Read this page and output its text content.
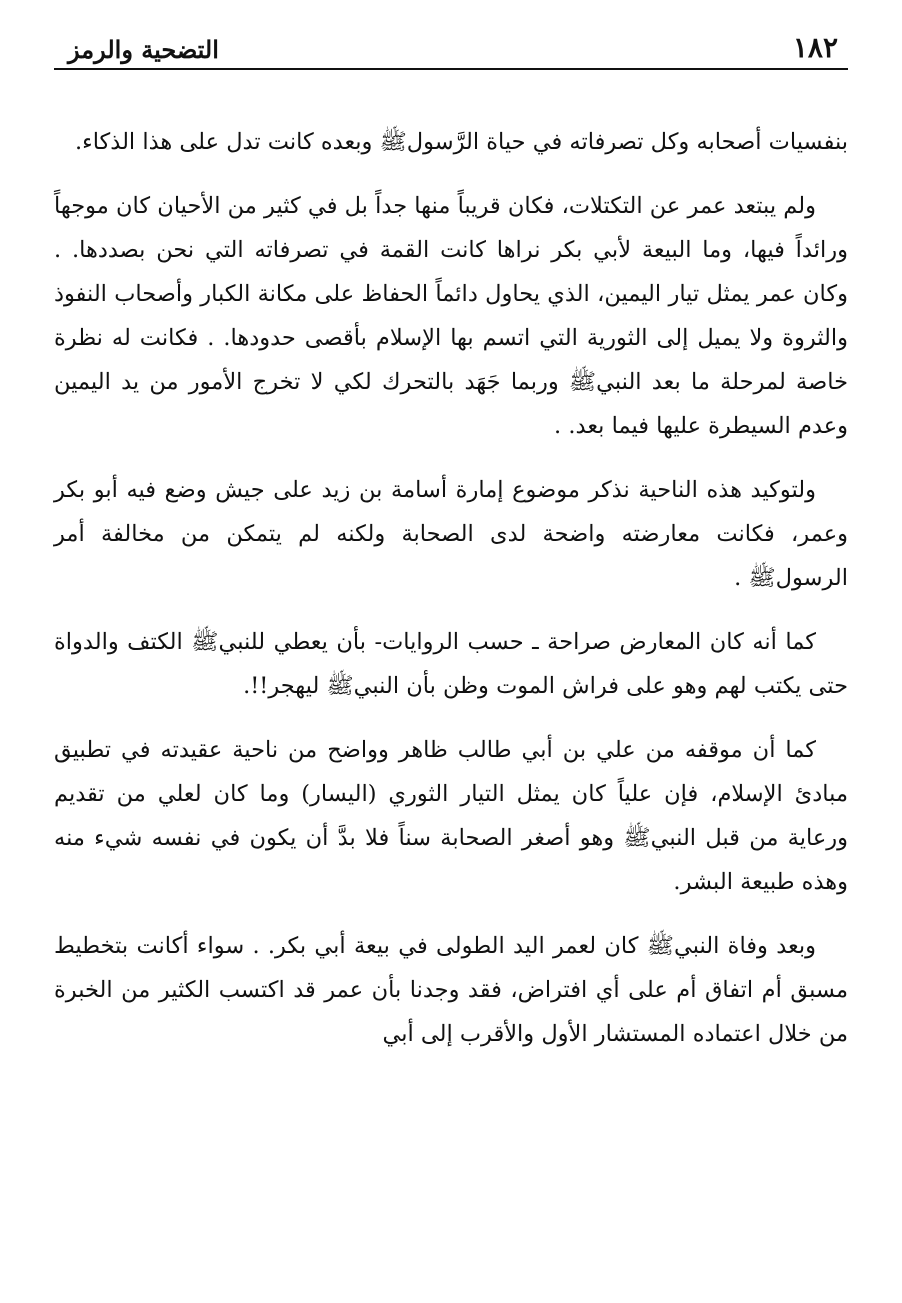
١٨٢
التضحية والرمز

بنفسيات أصحابه وكل تصرفاته في حياة الرَّسولﷺ وبعده كانت تدل على هذا الذكاء.

ولم يبتعد عمر عن التكتلات، فكان قريباً منها جداً بل في كثير من الأحيان كان موجهاً ورائداً فيها، وما البيعة لأبي بكر نراها كانت القمة في تصرفاته التي نحن بصددها. . وكان عمر يمثل تيار اليمين، الذي يحاول دائماً الحفاظ على مكانة الكبار وأصحاب النفوذ والثروة ولا يميل إلى الثورية التي اتسم بها الإسلام بأقصى حدودها. . فكانت له نظرة خاصة لمرحلة ما بعد النبيﷺ وربما جَهَد بالتحرك لكي لا تخرج الأمور من يد اليمين وعدم السيطرة عليها فيما بعد. .

ولتوكيد هذه الناحية نذكر موضوع إمارة أسامة بن زيد على جيش وضع فيه أبو بكر وعمر، فكانت معارضته واضحة لدى الصحابة ولكنه لم يتمكن من مخالفة أمر الرسولﷺ .

كما أنه كان المعارض صراحة ـ حسب الروايات- بأن يعطي للنبيﷺ الكتف والدواة حتى يكتب لهم وهو على فراش الموت وظن بأن النبيﷺ ليهجر!!.

كما أن موقفه من علي بن أبي طالب ظاهر وواضح من ناحية عقيدته في تطبيق مبادئ الإسلام، فإن علياً كان يمثل التيار الثوري (اليسار) وما كان لعلي من تقديم ورعاية من قبل النبيﷺ وهو أصغر الصحابة سناً فلا بدَّ أن يكون في نفسه شيء منه وهذه طبيعة البشر.

وبعد وفاة النبيﷺ كان لعمر اليد الطولى في بيعة أبي بكر. . سواء أكانت بتخطيط مسبق أم اتفاق أم على أي افتراض، فقد وجدنا بأن عمر قد اكتسب الكثير من الخبرة من خلال اعتماده المستشار الأول والأقرب إلى أبي
